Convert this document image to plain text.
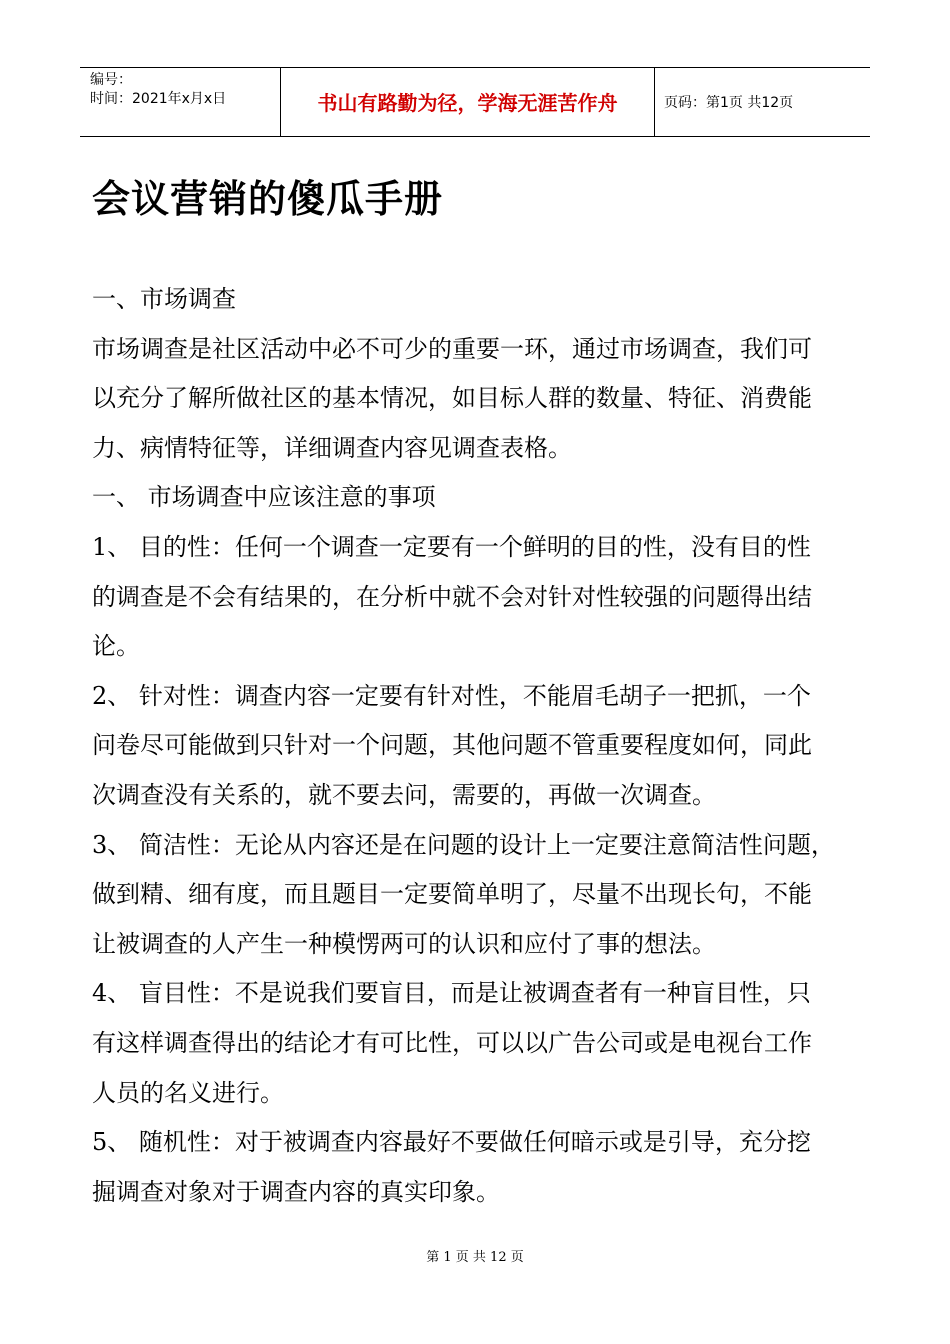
编号：
时间：2021年x月x日	书山有路勤为径，学海无涯苦作舟	页码：第1页 共12页
会议营销的傻瓜手册

一、市场调查

市场调查是社区活动中必不可少的重要一环，通过市场调查，我们可

以充分了解所做社区的基本情况，如目标人群的数量、特征、消费能

力、病情特征等，详细调查内容见调查表格。

一、 市场调查中应该注意的事项

1、 目的性：任何一个调查一定要有一个鲜明的目的性，没有目的性

的调查是不会有结果的，在分析中就不会对针对性较强的问题得出结

论。

2、 针对性：调查内容一定要有针对性，不能眉毛胡子一把抓，一个

问卷尽可能做到只针对一个问题，其他问题不管重要程度如何，同此

次调查没有关系的，就不要去问，需要的，再做一次调查。

3、 简洁性：无论从内容还是在问题的设计上一定要注意简洁性问题，

做到精、细有度，而且题目一定要简单明了，尽量不出现长句，不能

让被调查的人产生一种模愣两可的认识和应付了事的想法。

4、 盲目性：不是说我们要盲目，而是让被调查者有一种盲目性，只

有这样调查得出的结论才有可比性，可以以广告公司或是电视台工作

人员的名义进行。

5、 随机性：对于被调查内容最好不要做任何暗示或是引导，充分挖

掘调查对象对于调查内容的真实印象。

第 1 页 共 12 页
